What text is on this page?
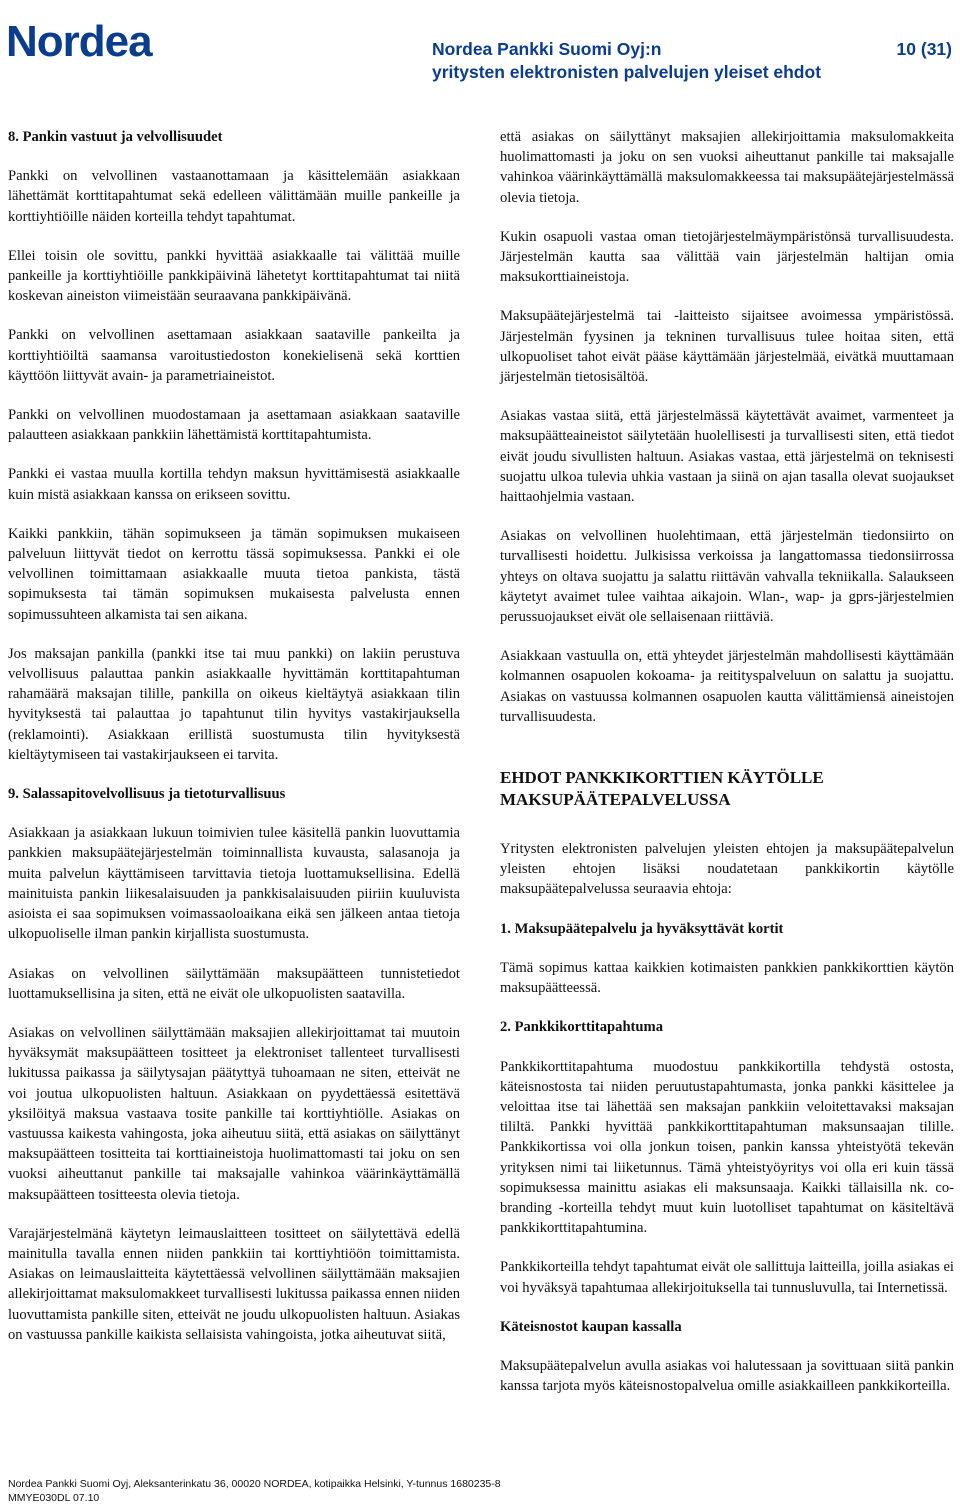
Nordea	Nordea Pankki Suomi Oyj:n	10 (31)
yritysten elektronisten palvelujen yleiset ehdot

8. Pankin vastuut ja velvollisuudet

Pankki on velvollinen vastaanottamaan ja käsittelemään asiakkaan lähettämät korttitapahtumat sekä edelleen välittämään muille pankeille ja korttiyhtiöille näiden korteilla tehdyt tapahtumat.

Ellei toisin ole sovittu, pankki hyvittää asiakkaalle tai välittää muille pankeille ja korttiyhtiöille pankkipäivinä lähetetyt korttitapahtumat tai niitä koskevan aineiston viimeistään seuraavana pankkipäivänä.

Pankki on velvollinen asettamaan asiakkaan saataville pankeilta ja korttiyhtiöiltä saamansa varoitustiedoston konekielisenä sekä korttien käyttöön liittyvät avain- ja parametriaineistot.

Pankki on velvollinen muodostamaan ja asettamaan asiakkaan saataville palautteen asiakkaan pankkiin lähettämistä korttitapahtumista.

Pankki ei vastaa muulla kortilla tehdyn maksun hyvittämisestä asiakkaalle kuin mistä asiakkaan kanssa on erikseen sovittu.

Kaikki pankkiin, tähän sopimukseen ja tämän sopimuksen mukaiseen palveluun liittyvät tiedot on kerrottu tässä sopimuksessa. Pankki ei ole velvollinen toimittamaan asiakkaalle muuta tietoa pankista, tästä sopimuksesta tai tämän sopimuksen mukaisesta palvelusta ennen sopimussuhteen alkamista tai sen aikana.

Jos maksajan pankilla (pankki itse tai muu pankki) on lakiin perustuva velvollisuus palauttaa pankin asiakkaalle hyvittämän korttitapahtuman rahamäärä maksajan tilille, pankilla on oikeus kieltäytyä asiakkaan tilin hyvityksestä tai palauttaa jo tapahtunut tilin hyvitys vastakirjauksella (reklamointi). Asiakkaan erillistä suostumusta tilin hyvityksestä kieltäytymiseen tai vastakirjaukseen ei tarvita.

9. Salassapitovelvollisuus ja tietoturvallisuus

Asiakkaan ja asiakkaan lukuun toimivien tulee käsitellä pankin luovuttamia pankkien maksupäätejärjestelmän toiminnallista kuvausta, salasanoja ja muita palvelun käyttämiseen tarvittavia tietoja luottamuksellisina. Edellä mainituista pankin liikesalaisuuden ja pankkisalaisuuden piiriin kuuluvista asioista ei saa sopimuksen voimassaoloaikana eikä sen jälkeen antaa tietoja ulkopuoliselle ilman pankin kirjallista suostumusta.

Asiakas on velvollinen säilyttämään maksupäätteen tunnistetiedot luottamuksellisina ja siten, että ne eivät ole ulkopuolisten saatavilla.

Asiakas on velvollinen säilyttämään maksajien allekirjoittamat tai muutoin hyväksymät maksupäätteen tositteet ja elektroniset tallenteet turvallisesti lukitussa paikassa ja säilytysajan päätyttyä tuhoamaan ne siten, etteivät ne voi joutua ulkopuolisten haltuun. Asiakkaan on pyydettäessä esitettävä yksilöityä maksua vastaava tosite pankille tai korttiyhtiölle. Asiakas on vastuussa kaikesta vahingosta, joka aiheutuu siitä, että asiakas on säilyttänyt maksupäätteen tositteita tai korttiaineistoja huolimattomasti tai joku on sen vuoksi aiheuttanut pankille tai maksajalle vahinkoa väärinkäyttämällä maksupäätteen tositteesta olevia tietoja.

Varajärjestelmänä käytetyn leimauslaitteen tositteet on säilytettävä edellä mainitulla tavalla ennen niiden pankkiin tai korttiyhtiöön toimittamista. Asiakas on leimauslaitteita käytettäessä velvollinen säilyttämään maksajien allekirjoittamat maksulomakkeet turvallisesti lukitussa paikassa ennen niiden luovuttamista pankille siten, etteivät ne joudu ulkopuolisten haltuun. Asiakas on vastuussa pankille kaikista sellaisista vahingoista, jotka aiheutuvat siitä,

että asiakas on säilyttänyt maksajien allekirjoittamia maksulomakkeita huolimattomasti ja joku on sen vuoksi aiheuttanut pankille tai maksajalle vahinkoa väärinkäyttämällä maksulomakkeessa tai maksupäätejärjestelmässä olevia tietoja.

Kukin osapuoli vastaa oman tietojärjestelmäympäristönsä turvallisuudesta. Järjestelmän kautta saa välittää vain järjestelmän haltijan omia maksukorttiaineistoja.

Maksupäätejärjestelmä tai -laitteisto sijaitsee avoimessa ympäristössä. Järjestelmän fyysinen ja tekninen turvallisuus tulee hoitaa siten, että ulkopuoliset tahot eivät pääse käyttämään järjestelmää, eivätkä muuttamaan järjestelmän tietosisältöä.

Asiakas vastaa siitä, että järjestelmässä käytettävät avaimet, varmenteet ja maksupäätteaineistot säilytetään huolellisesti ja turvallisesti siten, että tiedot eivät joudu sivullisten haltuun. Asiakas vastaa, että järjestelmä on teknisesti suojattu ulkoa tulevia uhkia vastaan ja siinä on ajan tasalla olevat suojaukset haittaohjelmia vastaan.

Asiakas on velvollinen huolehtimaan, että järjestelmän tiedonsiirto on turvallisesti hoidettu. Julkisissa verkoissa ja langattomassa tiedonsiirrossa yhteys on oltava suojattu ja salattu riittävän vahvalla tekniikalla. Salaukseen käytetyt avaimet tulee vaihtaa aikajoin. Wlan-, wap- ja gprs-järjestelmien perussuojaukset eivät ole sellaisenaan riittäviä.

Asiakkaan vastuulla on, että yhteydet järjestelmän mahdollisesti käyttämään kolmannen osapuolen kokoama- ja reitityspalveluun on salattu ja suojattu. Asiakas on vastuussa kolmannen osapuolen kautta välittämiensä aineistojen turvallisuudesta.

EHDOT PANKKIKORTTIEN KÄYTÖLLE
MAKSUPÄÄTEPALVELUSSA

Yritysten elektronisten palvelujen yleisten ehtojen ja maksupäätepalvelun yleisten ehtojen lisäksi noudatetaan pankkikortin käytölle maksupäätepalvelussa seuraavia ehtoja:

1. Maksupäätepalvelu ja hyväksyttävät kortit

Tämä sopimus kattaa kaikkien kotimaisten pankkien pankkikorttien käytön maksupäätteessä.

2. Pankkikorttitapahtuma

Pankkikorttitapahtuma muodostuu pankkikortilla tehdystä ostosta, käteisnostosta tai niiden peruutustapahtumasta, jonka pankki käsittelee ja veloittaa itse tai lähettää sen maksajan pankkiin veloitettavaksi maksajan tililtä. Pankki hyvittää pankkikorttitapahtuman maksunsaajan tilille. Pankkikortissa voi olla jonkun toisen, pankin kanssa yhteistyötä tekevän yrityksen nimi tai liiketunnus. Tämä yhteistyöyritys voi olla eri kuin tässä sopimuksessa mainittu asiakas eli maksunsaaja. Kaikki tällaisilla nk. co-branding -korteilla tehdyt muut kuin luotolliset tapahtumat on käsiteltävä pankkikorttitapahtumina.

Pankkikorteilla tehdyt tapahtumat eivät ole sallittuja laitteilla, joilla asiakas ei voi hyväksyä tapahtumaa allekirjoituksella tai tunnusluvulla, tai Internetissä.

Käteisnostot kaupan kassalla

Maksupäätepalvelun avulla asiakas voi halutessaan ja sovittuaan siitä pankin kanssa tarjota myös käteisnostopalvelua omille asiakkailleen pankkikorteilla.

Nordea Pankki Suomi Oyj, Aleksanterinkatu 36, 00020 NORDEA, kotipaikka Helsinki, Y-tunnus 1680235-8
MMYE030DL 07.10
